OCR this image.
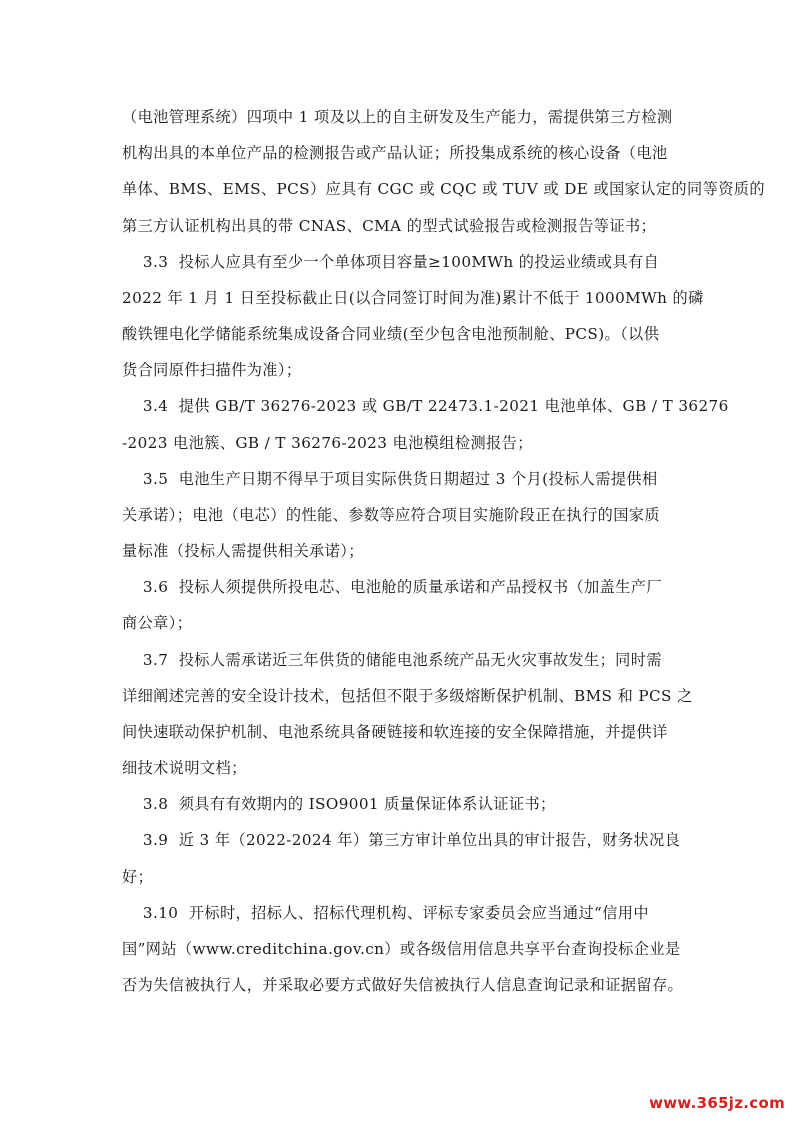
（电池管理系统）四项中 1 项及以上的自主研发及生产能力，需提供第三方检测
机构出具的本单位产品的检测报告或产品认证；所投集成系统的核心设备（电池
单体、BMS、EMS、PCS）应具有 CGC 或 CQC 或 TUV 或 DE 或国家认定的同等资质的
第三方认证机构出具的带 CNAS、CMA 的型式试验报告或检测报告等证书；
3.3  投标人应具有至少一个单体项目容量≥100MWh 的投运业绩或具有自
2022 年 1 月 1 日至投标截止日(以合同签订时间为准)累计不低于 1000MWh 的磷
酸铁锂电化学储能系统集成设备合同业绩(至少包含电池预制舱、PCS)。（以供
货合同原件扫描件为准）；
3.4  提供 GB/T 36276-2023 或 GB/T 22473.1-2021 电池单体、GB / T 36276
-2023 电池簇、GB / T 36276-2023 电池模组检测报告；
3.5  电池生产日期不得早于项目实际供货日期超过 3 个月(投标人需提供相
关承诺）；电池（电芯）的性能、参数等应符合项目实施阶段正在执行的国家质
量标准（投标人需提供相关承诺）；
3.6  投标人须提供所投电芯、电池舱的质量承诺和产品授权书（加盖生产厂
商公章）；
3.7  投标人需承诺近三年供货的储能电池系统产品无火灾事故发生；同时需
详细阐述完善的安全设计技术，包括但不限于多级熔断保护机制、BMS 和 PCS 之
间快速联动保护机制、电池系统具备硬链接和软连接的安全保障措施，并提供详
细技术说明文档；
3.8  须具有有效期内的 ISO9001 质量保证体系认证证书；
3.9  近 3 年（2022-2024 年）第三方审计单位出具的审计报告，财务状况良
好；
3.10  开标时，招标人、招标代理机构、评标专家委员会应当通过“信用中
国”网站（www.creditchina.gov.cn）或各级信用信息共享平台查询投标企业是
否为失信被执行人，并采取必要方式做好失信被执行人信息查询记录和证据留存。
www.365jz.com
